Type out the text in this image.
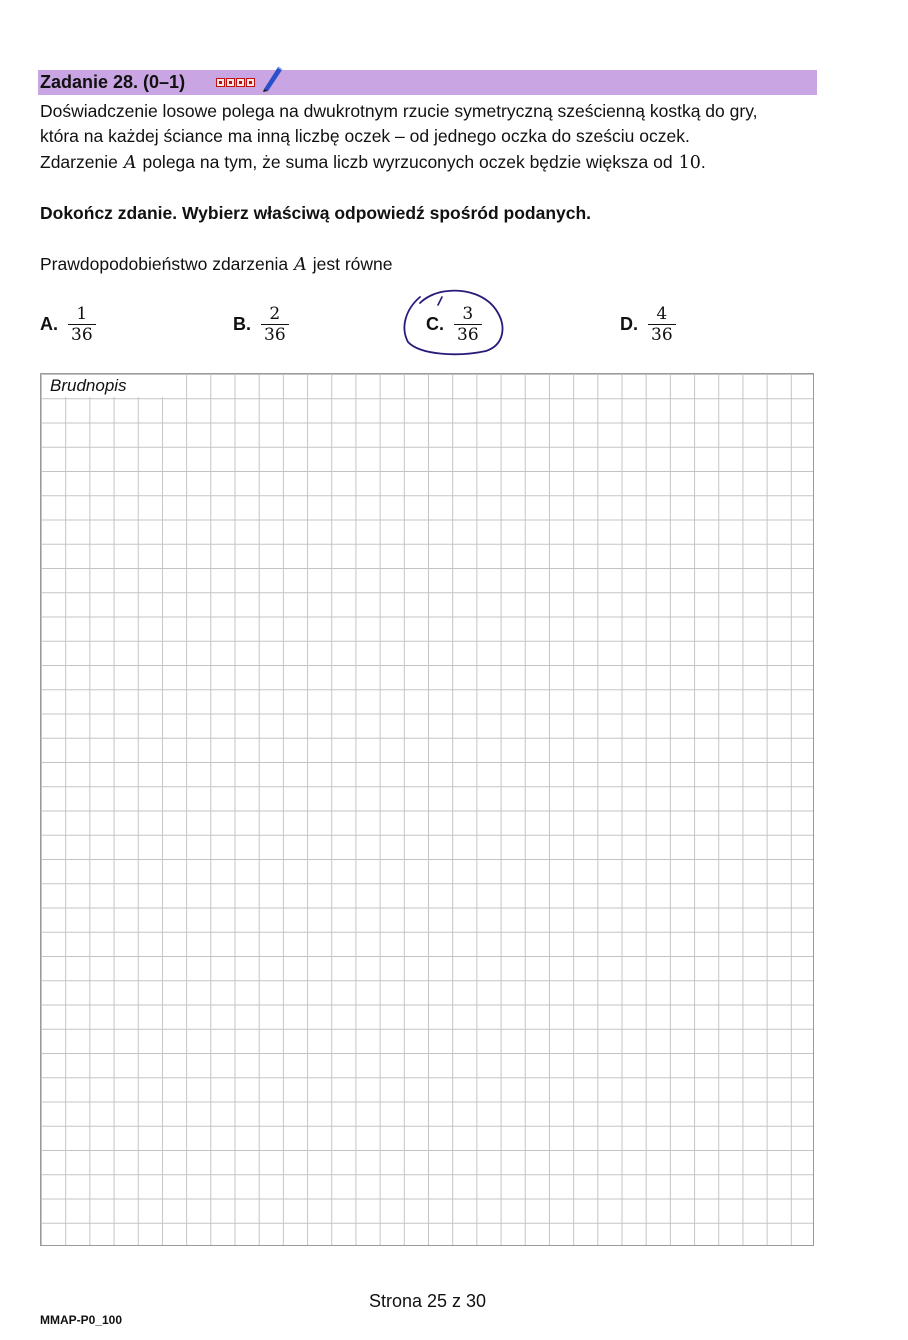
Zadanie 28. (0–1)
Doświadczenie losowe polega na dwukrotnym rzucie symetryczną sześcienną kostką do gry,
która na każdej ściance ma inną liczbę oczek – od jednego oczka do sześciu oczek.
Zdarzenie A polega na tym, że suma liczb wyrzuconych oczek będzie większa od 10.
Dokończ zdanie. Wybierz właściwą odpowiedź spośród podanych.
Prawdopodobieństwo zdarzenia A jest równe
A. $\frac{1}{36}$	B. $\frac{2}{36}$	C. $\frac{3}{36}$	D. $\frac{4}{36}$
Brudnopis
Strona 25 z 30
MMAP-P0_100
